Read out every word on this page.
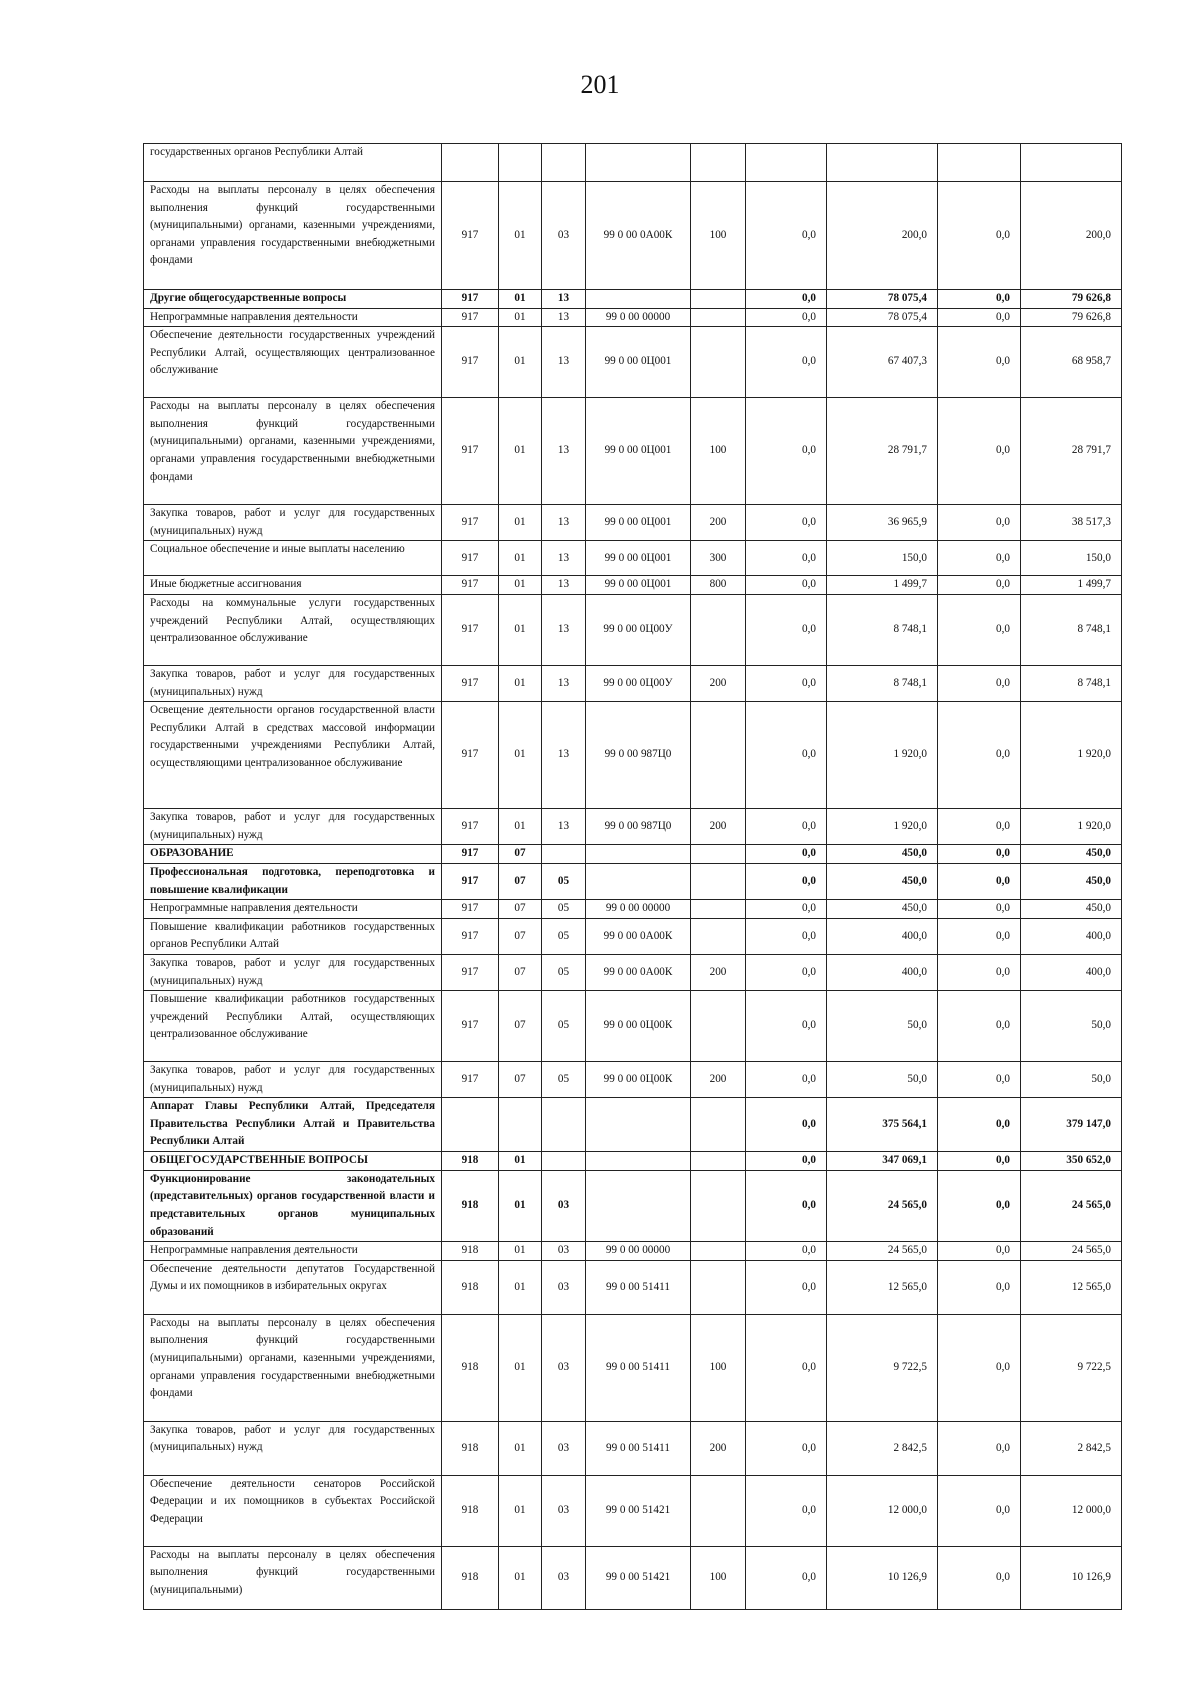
201
государственных органов Республики Алтай									
Расходы на выплаты персоналу в целях обеспечения выполнения функций государственными (муниципальными) органами, казенными учреждениями, органами управления государственными внебюджетными фондами	917	01	03	99 0 00 0А00К	100	0,0	200,0	0,0	200,0
Другие общегосударственные вопросы	917	01	13			0,0	78 075,4	0,0	79 626,8
Непрограммные направления деятельности	917	01	13	99 0 00 00000		0,0	78 075,4	0,0	79 626,8
Обеспечение деятельности государственных учреждений Республики Алтай, осуществляющих централизованное обслуживание	917	01	13	99 0 00 0Ц001		0,0	67 407,3	0,0	68 958,7
Расходы на выплаты персоналу в целях обеспечения выполнения функций государственными (муниципальными) органами, казенными учреждениями, органами управления государственными внебюджетными фондами	917	01	13	99 0 00 0Ц001	100	0,0	28 791,7	0,0	28 791,7
Закупка товаров, работ и услуг для государственных (муниципальных) нужд	917	01	13	99 0 00 0Ц001	200	0,0	36 965,9	0,0	38 517,3
Социальное обеспечение и иные выплаты населению	917	01	13	99 0 00 0Ц001	300	0,0	150,0	0,0	150,0
Иные бюджетные ассигнования	917	01	13	99 0 00 0Ц001	800	0,0	1 499,7	0,0	1 499,7
Расходы на коммунальные услуги государственных учреждений Республики Алтай, осуществляющих централизованное обслуживание	917	01	13	99 0 00 0Ц00У		0,0	8 748,1	0,0	8 748,1
Закупка товаров, работ и услуг для государственных (муниципальных) нужд	917	01	13	99 0 00 0Ц00У	200	0,0	8 748,1	0,0	8 748,1
Освещение деятельности органов государственной власти Республики Алтай в средствах массовой информации государственными учреждениями Республики Алтай, осуществляющими централизованное обслуживание	917	01	13	99 0 00 987Ц0		0,0	1 920,0	0,0	1 920,0
Закупка товаров, работ и услуг для государственных (муниципальных) нужд	917	01	13	99 0 00 987Ц0	200	0,0	1 920,0	0,0	1 920,0
ОБРАЗОВАНИЕ	917	07				0,0	450,0	0,0	450,0
Профессиональная подготовка, переподготовка и повышение квалификации	917	07	05			0,0	450,0	0,0	450,0
Непрограммные направления деятельности	917	07	05	99 0 00 00000		0,0	450,0	0,0	450,0
Повышение квалификации работников государственных органов Республики Алтай	917	07	05	99 0 00 0А00К		0,0	400,0	0,0	400,0
Закупка товаров, работ и услуг для государственных (муниципальных) нужд	917	07	05	99 0 00 0А00К	200	0,0	400,0	0,0	400,0
Повышение квалификации работников государственных учреждений Республики Алтай, осуществляющих централизованное обслуживание	917	07	05	99 0 00 0Ц00К		0,0	50,0	0,0	50,0
Закупка товаров, работ и услуг для государственных (муниципальных) нужд	917	07	05	99 0 00 0Ц00К	200	0,0	50,0	0,0	50,0
Аппарат Главы Республики Алтай, Председателя Правительства Республики Алтай и Правительства Республики Алтай						0,0	375 564,1	0,0	379 147,0
ОБЩЕГОСУДАРСТВЕННЫЕ ВОПРОСЫ	918	01				0,0	347 069,1	0,0	350 652,0
Функционирование законодательных (представительных) органов государственной власти и представительных органов муниципальных образований	918	01	03			0,0	24 565,0	0,0	24 565,0
Непрограммные направления деятельности	918	01	03	99 0 00 00000		0,0	24 565,0	0,0	24 565,0
Обеспечение деятельности депутатов Государственной Думы и их помощников в избирательных округах	918	01	03	99 0 00 51411		0,0	12 565,0	0,0	12 565,0
Расходы на выплаты персоналу в целях обеспечения выполнения функций государственными (муниципальными) органами, казенными учреждениями, органами управления государственными внебюджетными фондами	918	01	03	99 0 00 51411	100	0,0	9 722,5	0,0	9 722,5
Закупка товаров, работ и услуг для государственных (муниципальных) нужд	918	01	03	99 0 00 51411	200	0,0	2 842,5	0,0	2 842,5
Обеспечение деятельности сенаторов Российской Федерации и их помощников в субъектах Российской Федерации	918	01	03	99 0 00 51421		0,0	12 000,0	0,0	12 000,0
Расходы на выплаты персоналу в целях обеспечения выполнения функций государственными (муниципальными)	918	01	03	99 0 00 51421	100	0,0	10 126,9	0,0	10 126,9
